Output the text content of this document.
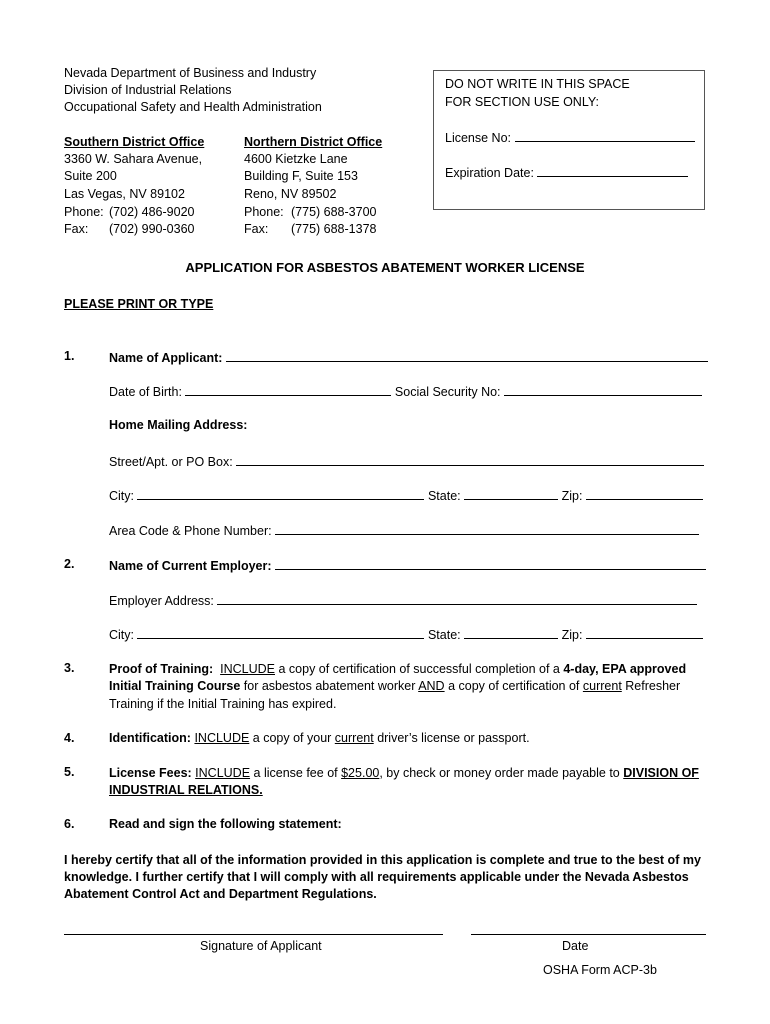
Nevada Department of Business and Industry
Division of Industrial Relations
Occupational Safety and Health Administration
Southern District Office
3360 W. Sahara Avenue,
Suite 200
Las Vegas, NV 89102
Phone: (702) 486-9020
Fax: (702) 990-0360
Northern District Office
4600 Kietzke Lane
Building F, Suite 153
Reno, NV 89502
Phone: (775) 688-3700
Fax: (775) 688-1378
DO NOT WRITE IN THIS SPACE
FOR SECTION USE ONLY:
License No:
Expiration Date:
APPLICATION FOR ASBESTOS ABATEMENT WORKER LICENSE
PLEASE PRINT OR TYPE
1.	Name of Applicant:
Date of Birth:	Social Security No:
Home Mailing Address:
Street/Apt. or PO Box:
City:	State:	Zip:
Area Code & Phone Number:
2.	Name of Current Employer:
Employer Address:
City:	State:	Zip:
3.	Proof of Training: INCLUDE a copy of certification of successful completion of a 4-day, EPA approved
Initial Training Course for asbestos abatement worker AND a copy of certification of current Refresher
Training if the Initial Training has expired.
4.	Identification: INCLUDE a copy of your current driver’s license or passport.
5.	License Fees: INCLUDE a license fee of $25.00, by check or money order made payable to DIVISION OF
INDUSTRIAL RELATIONS.
6.	Read and sign the following statement:
I hereby certify that all of the information provided in this application is complete and true to the best of my
knowledge. I further certify that I will comply with all requirements applicable under the Nevada Asbestos
Abatement Control Act and Department Regulations.
Signature of Applicant	Date
OSHA Form ACP-3b
